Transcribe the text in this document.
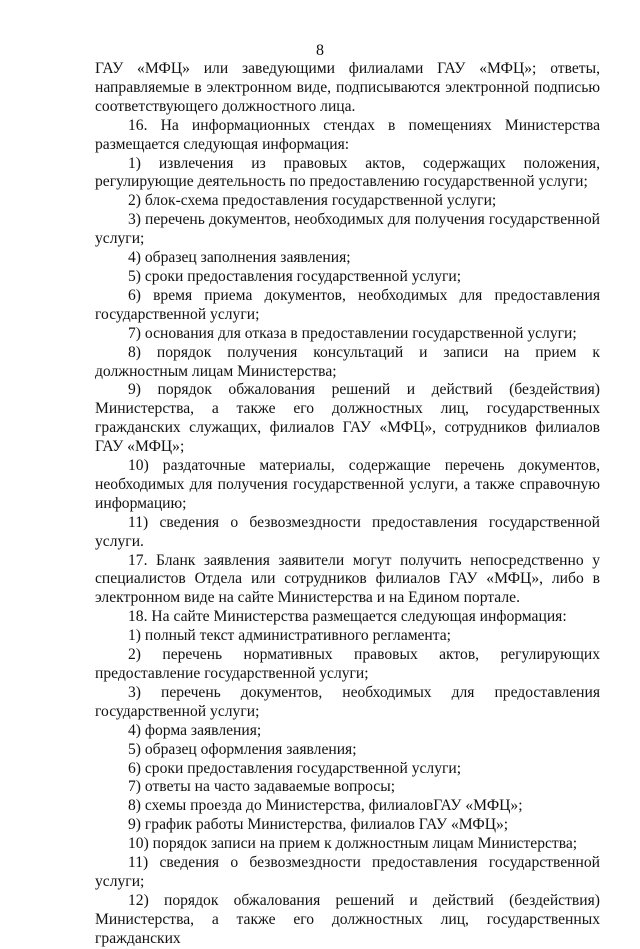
8

ГАУ «МФЦ» или заведующими филиалами ГАУ «МФЦ»; ответы, направляемые в электронном виде, подписываются электронной подписью соответствующего должностного лица.

16. На информационных стендах в помещениях Министерства размещается следующая информация:

1) извлечения из правовых актов, содержащих положения, регулирующие деятельность по предоставлению государственной услуги;

2) блок-схема предоставления государственной услуги;

3) перечень документов, необходимых для получения государственной услуги;

4) образец заполнения заявления;

5) сроки предоставления государственной услуги;

6) время приема документов, необходимых для предоставления государственной услуги;

7) основания для отказа в предоставлении государственной услуги;

8) порядок получения консультаций и записи на прием к должностным лицам Министерства;

9) порядок обжалования решений и действий (бездействия) Министерства, а также его должностных лиц, государственных гражданских служащих, филиалов ГАУ «МФЦ», сотрудников филиалов ГАУ «МФЦ»;

10) раздаточные материалы, содержащие перечень документов, необходимых для получения государственной услуги, а также справочную информацию;

11) сведения о безвозмездности предоставления государственной услуги.

17. Бланк заявления заявители могут получить непосредственно у специалистов Отдела или сотрудников филиалов ГАУ «МФЦ», либо в электронном виде на сайте Министерства и на Едином портале.

18. На сайте Министерства размещается следующая информация:

1) полный текст административного регламента;

2) перечень нормативных правовых актов, регулирующих предоставление государственной услуги;

3) перечень документов, необходимых для предоставления государственной услуги;

4) форма заявления;

5) образец оформления заявления;

6) сроки предоставления государственной услуги;

7) ответы на часто задаваемые вопросы;

8) схемы проезда до Министерства, филиаловГАУ «МФЦ»;

9) график работы Министерства, филиалов ГАУ «МФЦ»;

10) порядок записи на прием к должностным лицам Министерства;

11) сведения о безвозмездности предоставления государственной услуги;

12) порядок обжалования решений и действий (бездействия) Министерства, а также его должностных лиц, государственных гражданских
